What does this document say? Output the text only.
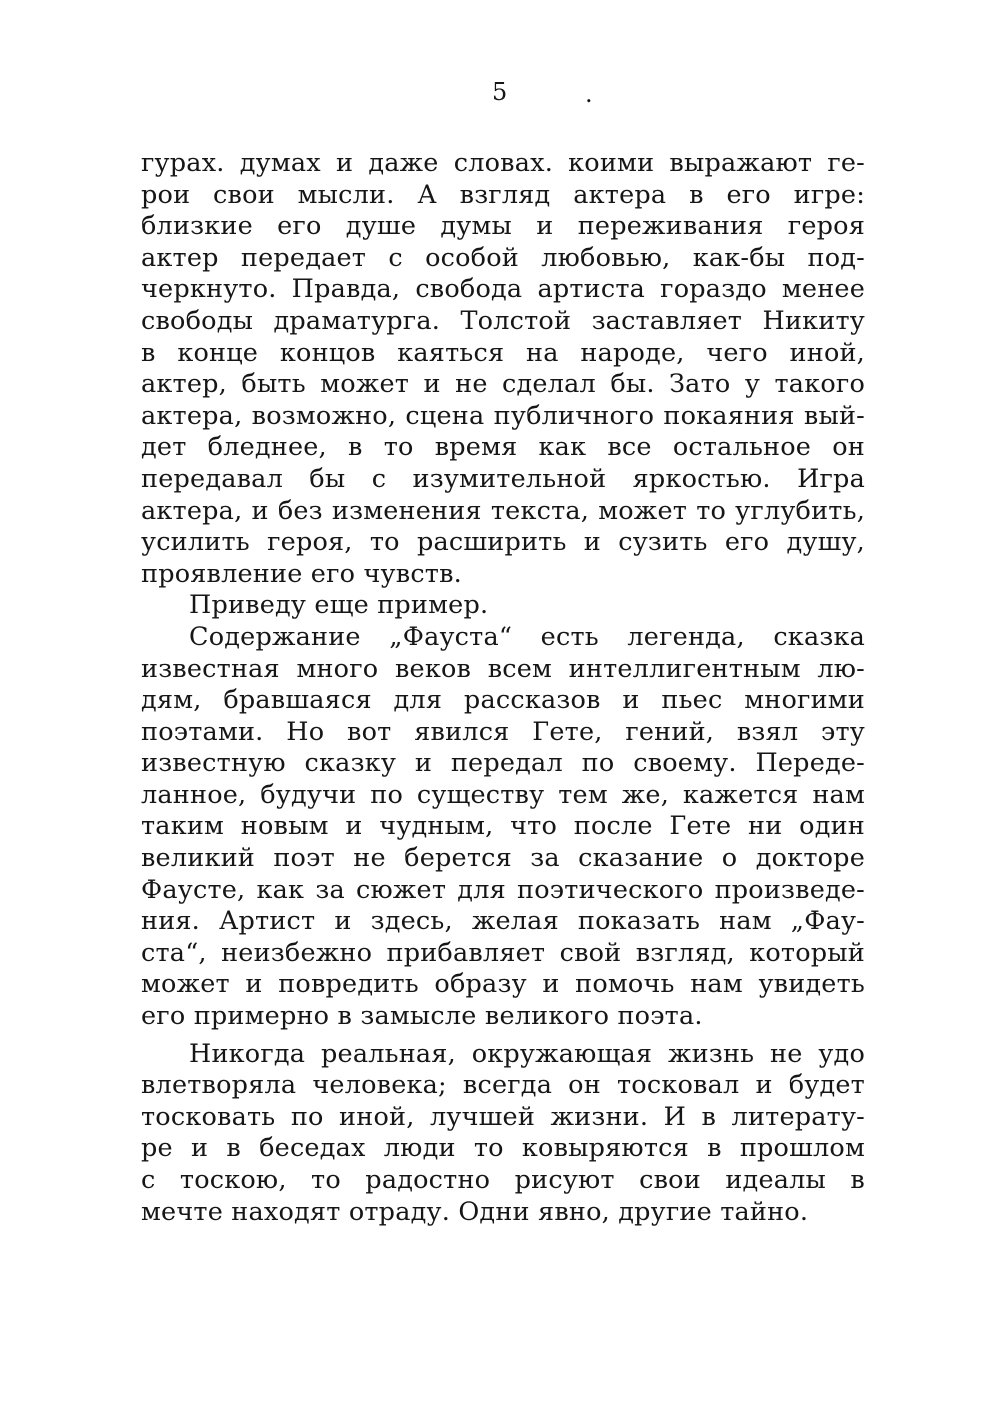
5	.
гурах. думах и даже словах. коими выражают ге-
рои свои мысли. А взгляд актера в его игре:
близкие его душе думы и переживания героя
актер передает с особой любовью, как-бы под-
черкнуто. Правда, свобода артиста гораздо менее
свободы драматурга. Толстой заставляет Никиту
в конце концов каяться на народе, чего иной,
актер, быть может и не сделал бы. Зато у такого
актера, возможно, сцена публичного покаяния вый-
дет бледнее, в то время как все остальное он
передавал бы с изумительной яркостью. Игра
актера, и без изменения текста, может то углубить,
усилить героя, то расширить и сузить его душу,
проявление его чувств.
Приведу еще пример.
Содержание „Фауста“ есть легенда, сказка
известная много веков всем интеллигентным лю-
дям, бравшаяся для рассказов и пьес многими
поэтами. Но вот явился Гете, гений, взял эту
известную сказку и передал по своему. Переде-
ланное, будучи по существу тем же, кажется нам
таким новым и чудным, что после Гете ни один
великий поэт не берется за сказание о докторе
Фаусте, как за сюжет для поэтического произведе-
ния. Артист и здесь, желая показать нам „Фау-
ста“, неизбежно прибавляет свой взгляд, который
может и повредить образу и помочь нам увидеть
его примерно в замысле великого поэта.
Никогда реальная, окружающая жизнь не удо
влетворяла человека; всегда он тосковал и будет
тосковать по иной, лучшей жизни. И в литерату-
ре и в беседах люди то ковыряются в прошлом
с тоскою, то радостно рисуют свои идеалы в
мечте находят отраду. Одни явно, другие тайно.
